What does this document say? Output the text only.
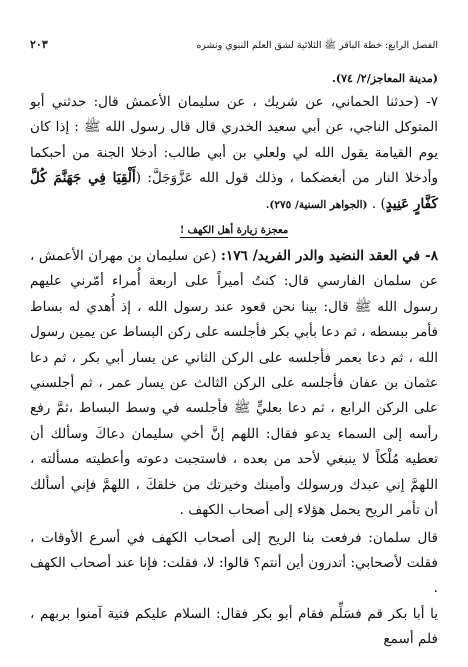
الفصل الرابع: خطة الباقر ﷺ الثلاثية لشق العلم النبوي ونشره
٢٠٣

(مدينة المعاجز/٢/ ٧٤).

٧- (حدثنا الحماني، عن شريك ، عن سليمان الأعمش قال: حدثني أبو المتوكل الناجي، عن أبي سعيد الخدري قال قال رسول الله ﷺ : إذا كان يوم القيامة يقول الله لي ولعلي بن أبي طالب: أدخلا الجنة من أحبكما وأدخلا النار من أبغضكما ، وذلك قول الله عَزَّوَجَلَّ: (أَلْقِيَا فِي جَهَنَّمَ كُلَّ كَفَّارٍ عَنِيدٍ) . (الجواهر السنية/ ٢٧٥).

معجزة زيارة أهل الكهف !

٨- في العقد النضيد والدر الفريد/ ١٧٦: (عن سليمان بن مهران الأعمش ، عن سلمان الفارسي قال: كنتُ أميراً على أربعة أُمراء أمّرني عليهم رسول الله ﷺ قال: بينا نحن قعود عند رسول الله ، إذ أُهدي له بساط فأمر ببسطه ، ثم دعا بأبي بكر فأجلسه على ركن البساط عن يمين رسول الله ، ثم دعا بعمر فأجلسه على الركن الثاني عن يسار أبي بكر ، ثم دعا عثمان بن عفان فأجلسه على الركن الثالث عن يسار عمر ، ثم أجلسني على الركن الرابع ، ثم دعا بعليٍّ ﷺ فأجلسه في وسط البساط ،ثمَّ رفع رأسه إلى السماء يدعو فقال: اللهم إنَّ أخي سليمان دعاكَ وسألك أن تعطيه مُلْكاً لا ينبغي لأحد من بعده ، فاستجبت دعوته وأعطيته مسألته ، اللهمَّ إني عبدك ورسولك وأمينك وخيرتك من خلقكَ ، اللهمَّ فإني أسألك أن تأمر الريح يحمل هؤلاء إلى أصحاب الكهف .

قال سلمان: فرفعت بنا الريح إلى أصحاب الكهف في أسرع الأوقات ، فقلت لأصحابي: أتدرون أين أنتم؟ قالوا: لا، فقلت: فإنا عند أصحاب الكهف .

يا أبا بكر قم فسَلِّم فقام أبو بكر فقال: السلام عليكم فتية آمنوا بربهم ، فلم أسمع
